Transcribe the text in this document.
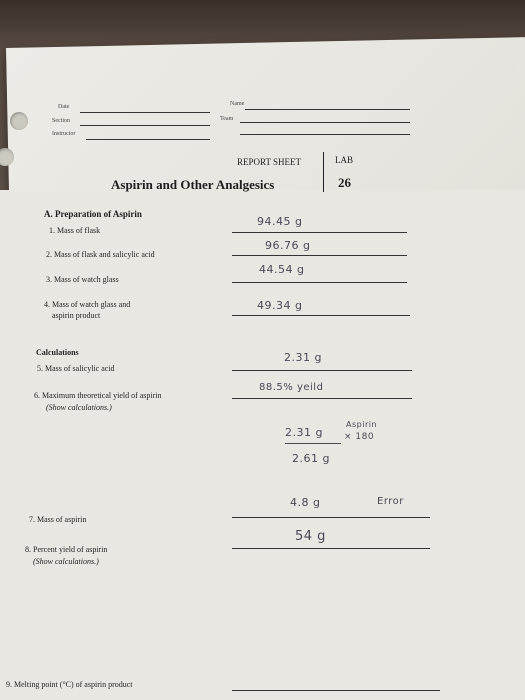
c
c
Date	Name
Section	Team
Instructor
REPORT SHEET	LAB
Aspirin and Other Analgesics	26
A. Preparation of Aspirin
1. Mass of flask
94.45 g
2. Mass of flask and salicylic acid
96.76 g
3. Mass of watch glass
44.54 g
4. Mass of watch glass and
aspirin product
49.34 g
Calculations
5. Mass of salicylic acid
2.31 g
6. Maximum theoretical yield of aspirin
(Show calculations.)
88.5% yeild
2.31 g
Aspirin
× 180
2.61 g
7. Mass of aspirin
4.8 g	Error
8. Percent yield of aspirin
(Show calculations.)
54 g
9. Melting point (°C) of aspirin product
